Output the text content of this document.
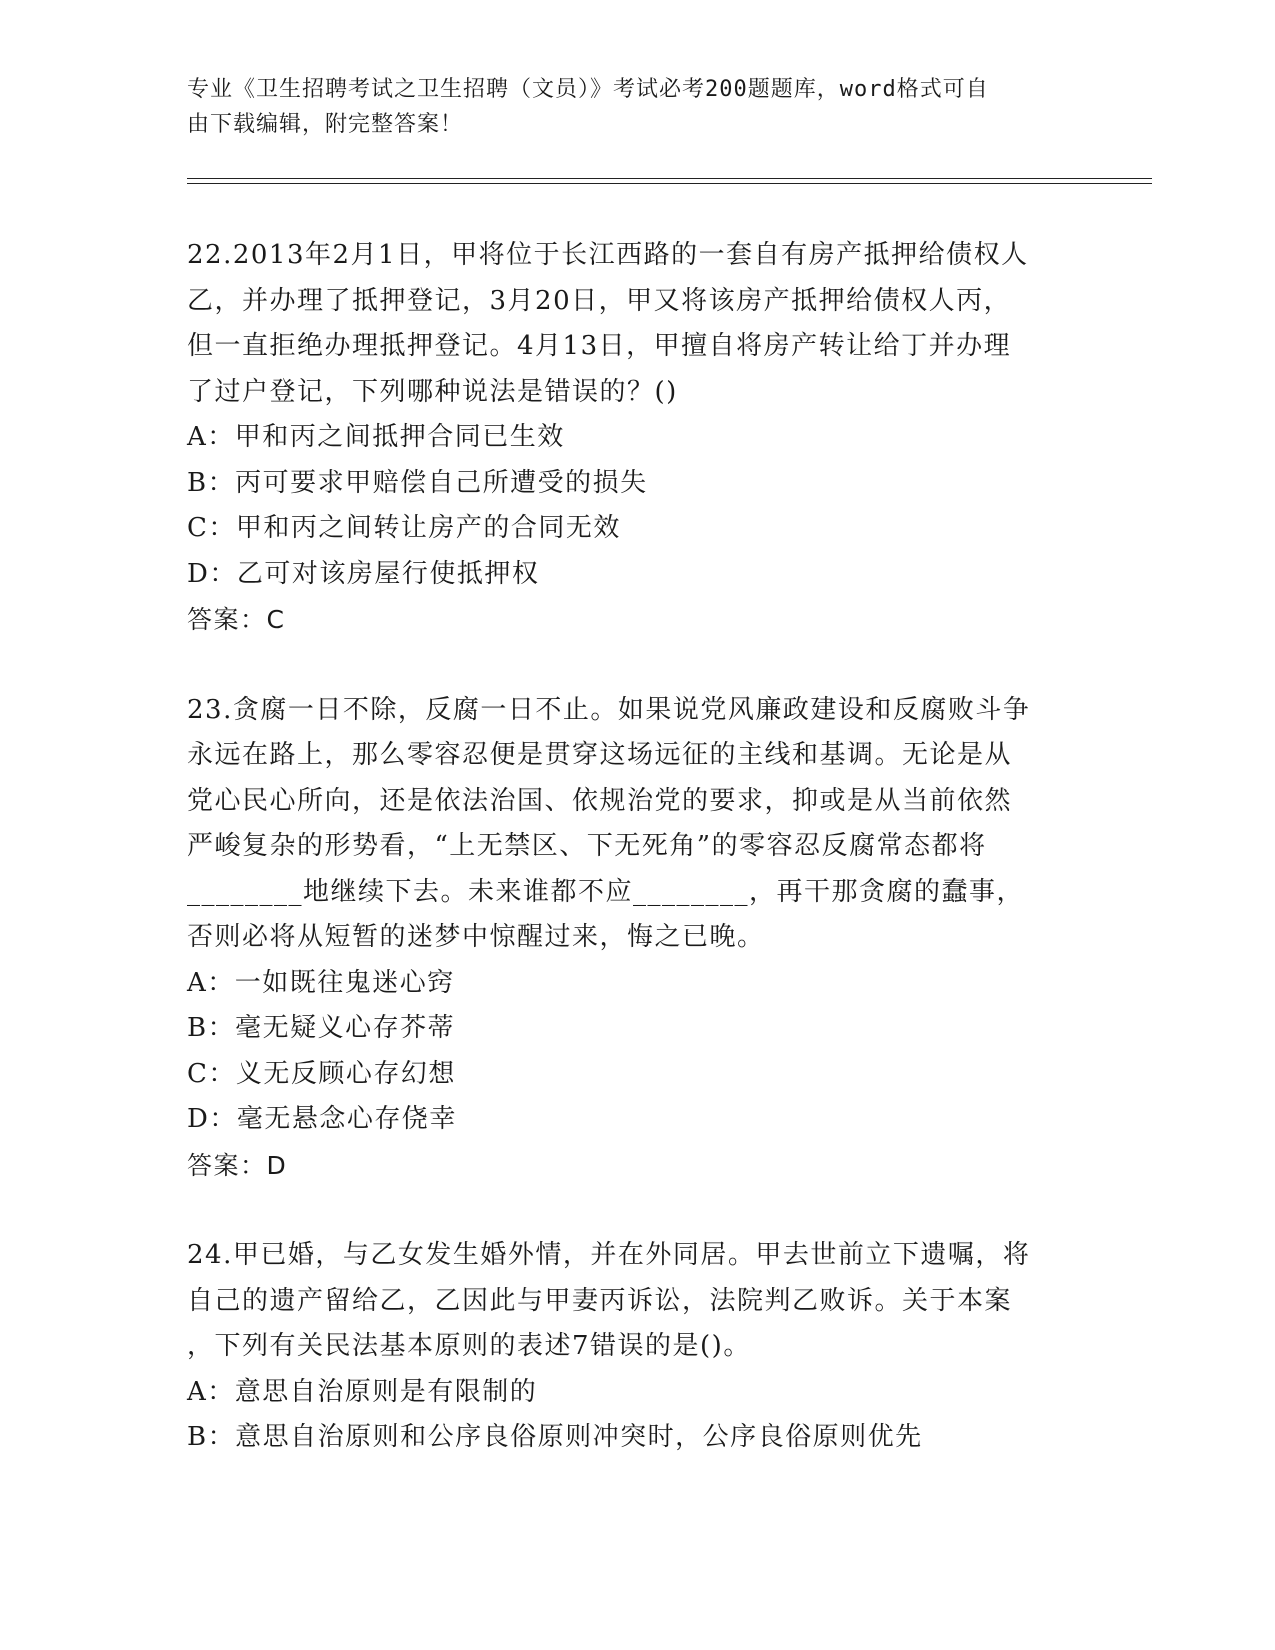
专业《卫生招聘考试之卫生招聘（文员）》考试必考200题题库，word格式可自
由下载编辑，附完整答案！
22.2013年2月1日，甲将位于长江西路的一套自有房产抵押给债权人
乙，并办理了抵押登记，3月20日，甲又将该房产抵押给债权人丙，
但一直拒绝办理抵押登记。4月13日，甲擅自将房产转让给丁并办理
了过户登记，下列哪种说法是错误的？()
A：甲和丙之间抵押合同已生效
B：丙可要求甲赔偿自己所遭受的损失
C：甲和丙之间转让房产的合同无效
D：乙可对该房屋行使抵押权
答案：C
23.贪腐一日不除，反腐一日不止。如果说党风廉政建设和反腐败斗争
永远在路上，那么零容忍便是贯穿这场远征的主线和基调。无论是从
党心民心所向，还是依法治国、依规治党的要求，抑或是从当前依然
严峻复杂的形势看，“上无禁区、下无死角”的零容忍反腐常态都将
________地继续下去。未来谁都不应________，再干那贪腐的蠢事，
否则必将从短暂的迷梦中惊醒过来，悔之已晚。
A：一如既往鬼迷心窍
B：毫无疑义心存芥蒂
C：义无反顾心存幻想
D：毫无悬念心存侥幸
答案：D
24.甲已婚，与乙女发生婚外情，并在外同居。甲去世前立下遗嘱，将
自己的遗产留给乙，乙因此与甲妻丙诉讼，法院判乙败诉。关于本案
，下列有关民法基本原则的表述7错误的是()。
A：意思自治原则是有限制的
B：意思自治原则和公序良俗原则冲突时，公序良俗原则优先
